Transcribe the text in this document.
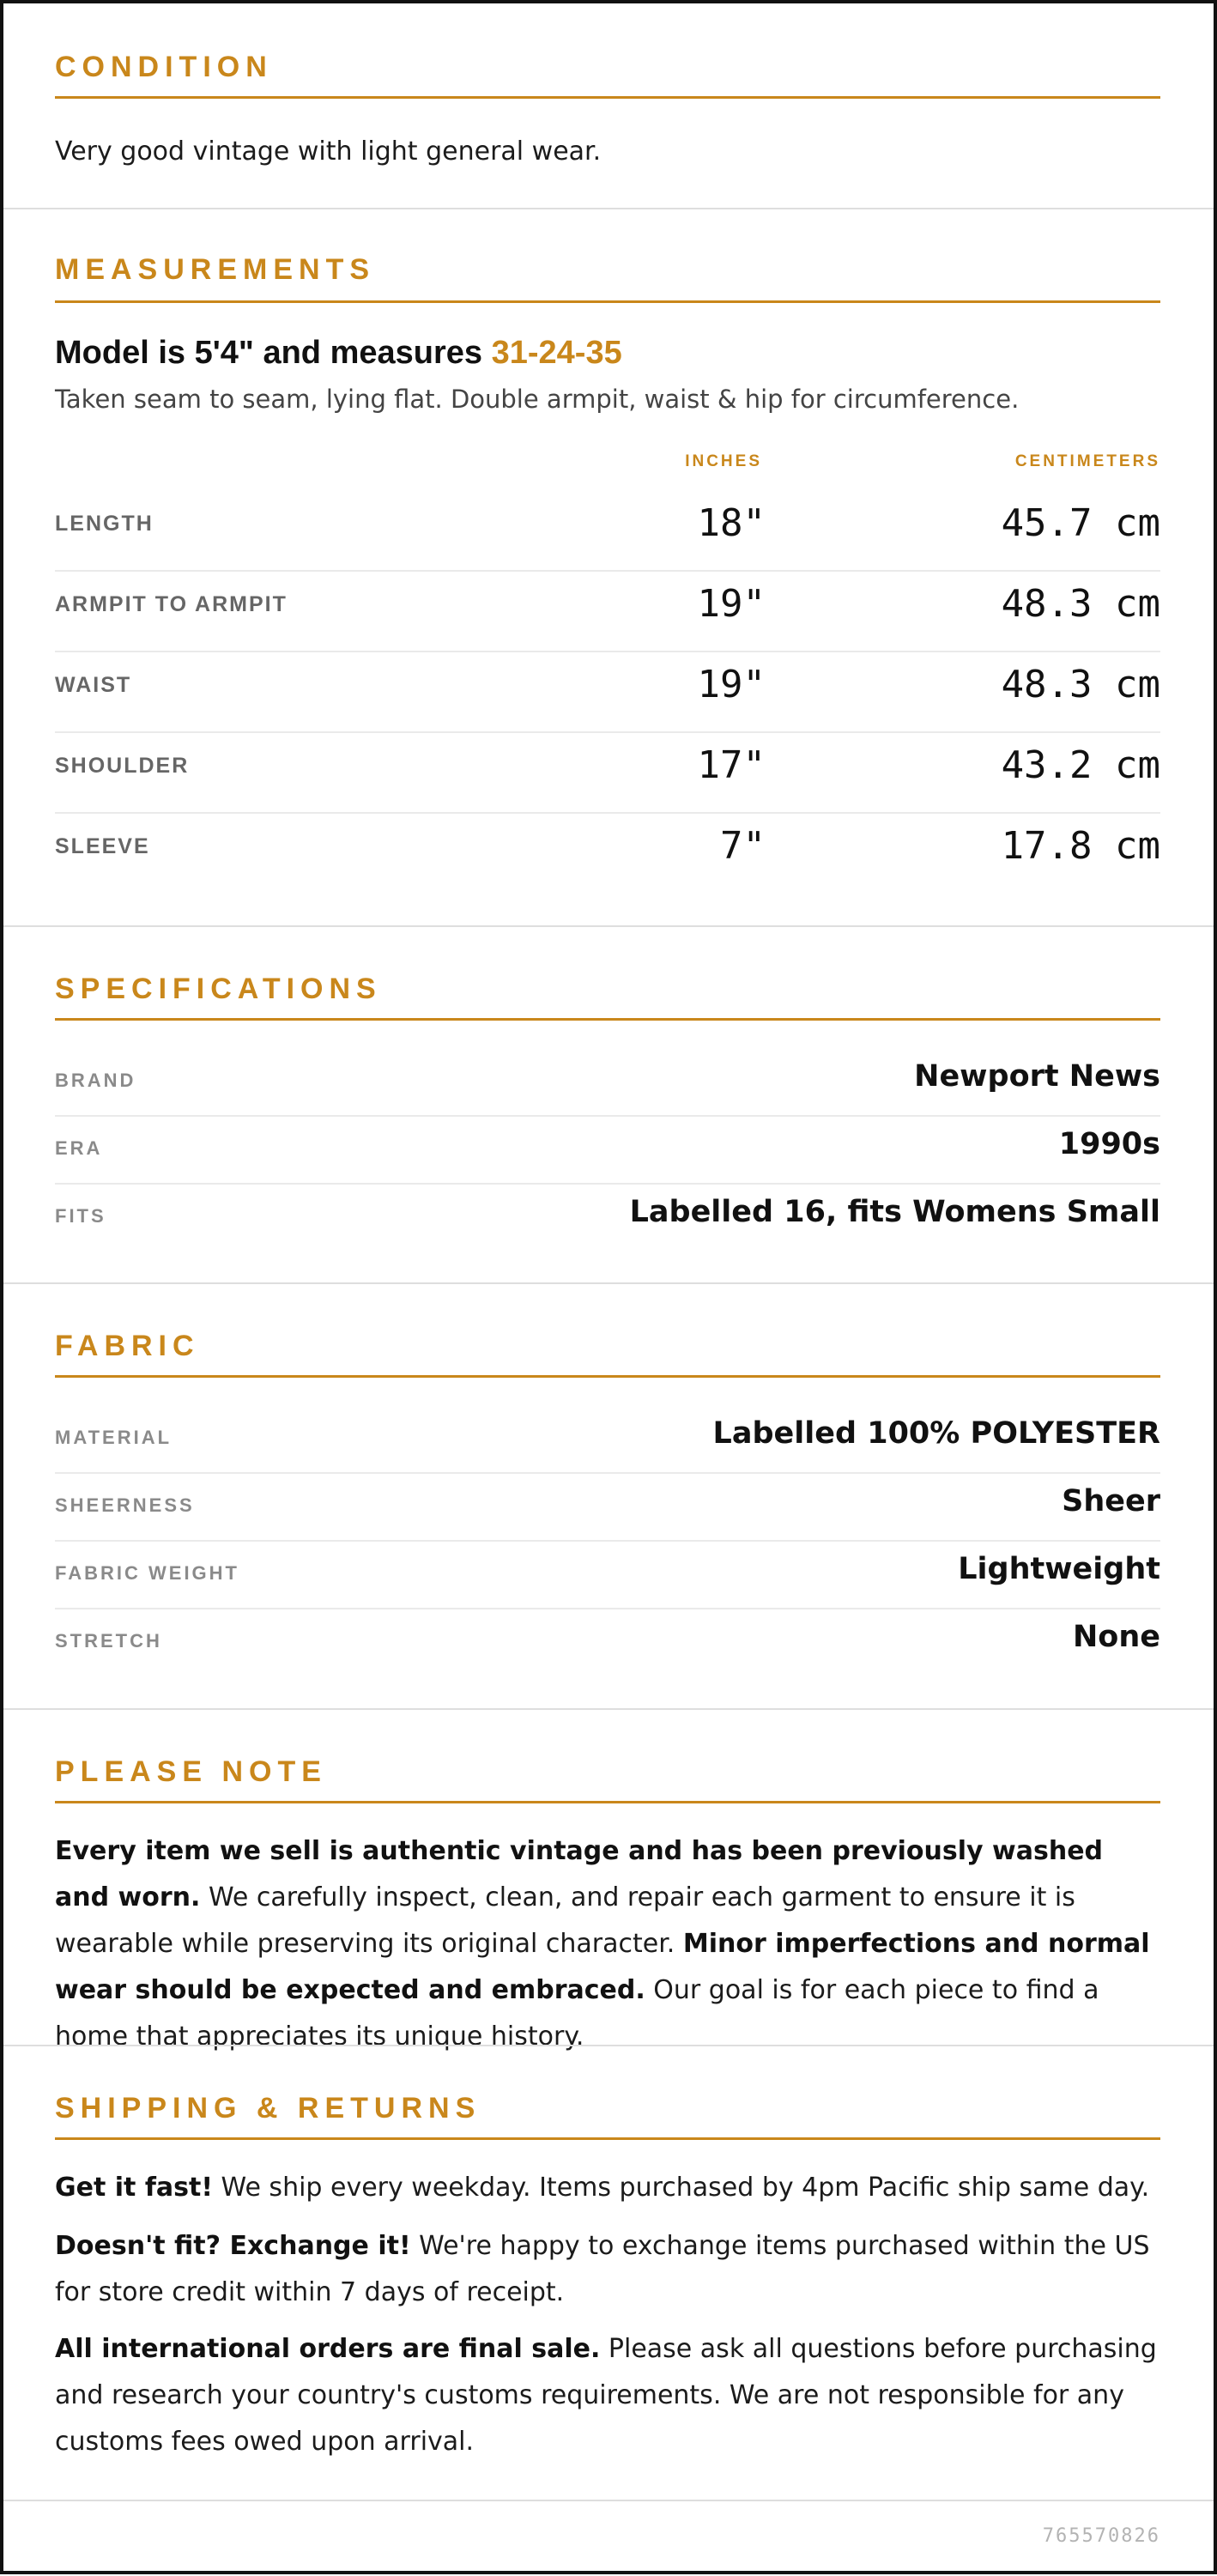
CONDITION
Very good vintage with light general wear.
MEASUREMENTS
Model is 5'4" and measures 31-24-35
Taken seam to seam, lying flat. Double armpit, waist & hip for circumference.
INCHES	CENTIMETERS
LENGTH	18"	45.7 cm
ARMPIT TO ARMPIT	19"	48.3 cm
WAIST	19"	48.3 cm
SHOULDER	17"	43.2 cm
SLEEVE	7"	17.8 cm
SPECIFICATIONS
BRAND	Newport News
ERA	1990s
FITS	Labelled 16, fits Womens Small
FABRIC
MATERIAL	Labelled 100% POLYESTER
SHEERNESS	Sheer
FABRIC WEIGHT	Lightweight
STRETCH	None
PLEASE NOTE
Every item we sell is authentic vintage and has been previously washed and worn. We carefully inspect, clean, and repair each garment to ensure it is wearable while preserving its original character. Minor imperfections and normal wear should be expected and embraced. Our goal is for each piece to find a home that appreciates its unique history.
SHIPPING & RETURNS
Get it fast! We ship every weekday. Items purchased by 4pm Pacific ship same day.
Doesn't fit? Exchange it! We're happy to exchange items purchased within the US for store credit within 7 days of receipt.
All international orders are final sale. Please ask all questions before purchasing and research your country's customs requirements. We are not responsible for any customs fees owed upon arrival.
765570826
